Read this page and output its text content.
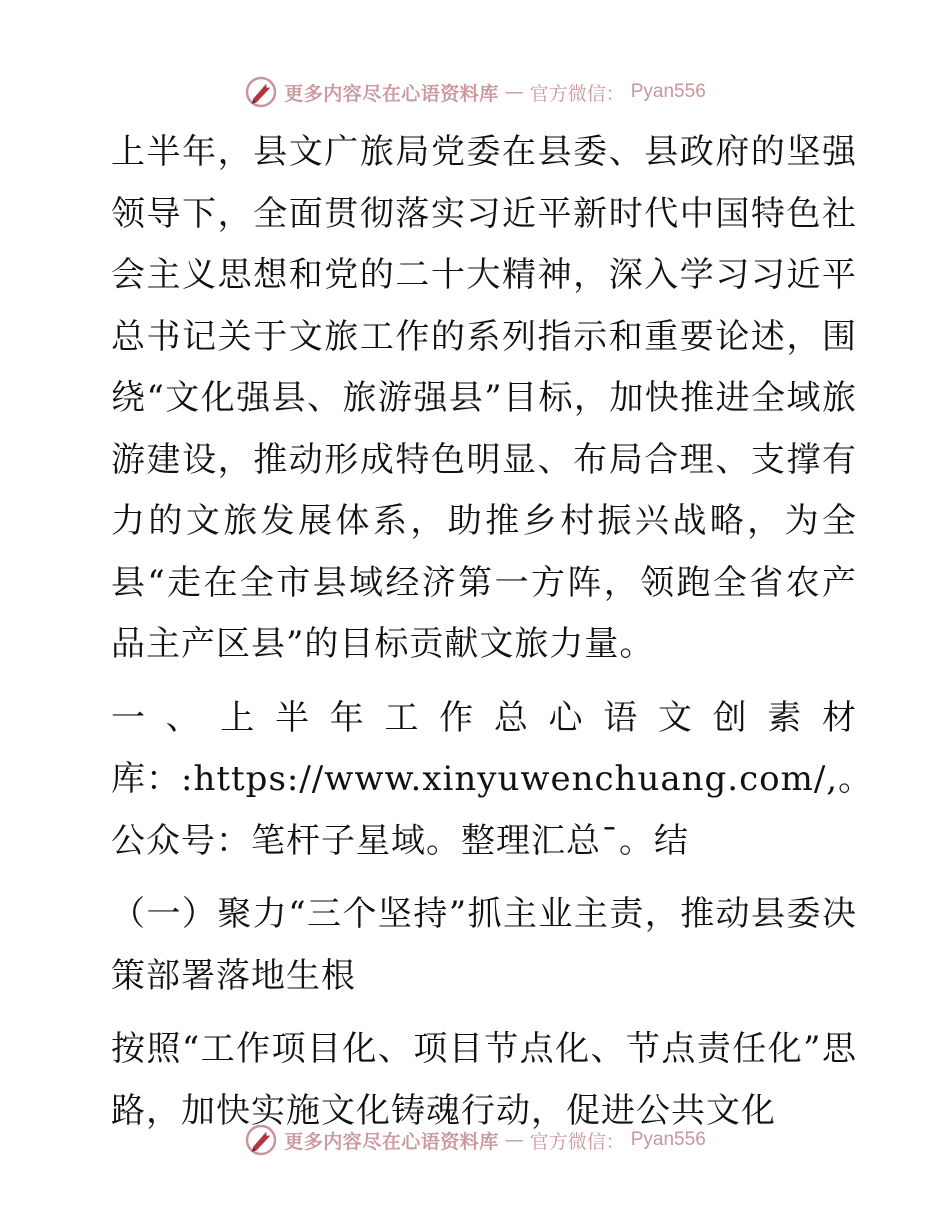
更多内容尽在心语资料库 — 官方微信： Pyan556

上半年，县文广旅局党委在县委、县政府的坚强领导下，全面贯彻落实习近平新时代中国特色社会主义思想和党的二十大精神，深入学习习近平总书记关于文旅工作的系列指示和重要论述，围绕“文化强县、旅游强县”目标，加快推进全域旅游建设，推动形成特色明显、布局合理、支撑有力的文旅发展体系，助推乡村振兴战略，为全县“走在全市县域经济第一方阵，领跑全省农产品主产区县”的目标贡献文旅力量。

一、上半年工作总心语文创素材库：:https://www.xinyuwenchuang.com/,。公众号：笔杆子星域。整理汇总¯。结

（一）聚力“三个坚持”抓主业主责，推动县委决策部署落地生根

按照“工作项目化、项目节点化、节点责任化”思路，加快实施文化铸魂行动，促进公共文化

更多内容尽在心语资料库 — 官方微信： Pyan556
